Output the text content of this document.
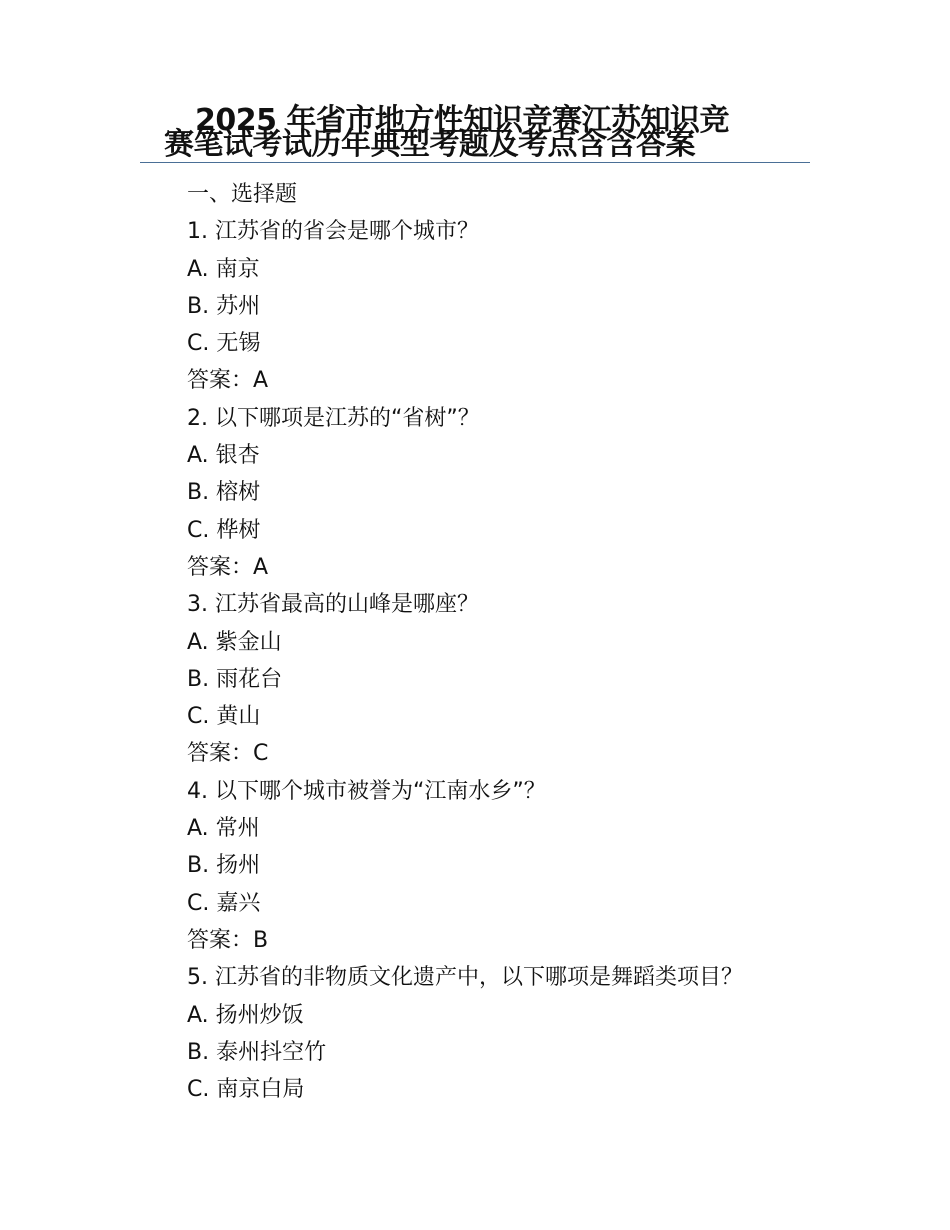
2025 年省市地方性知识竞赛江苏知识竞
赛笔试考试历年典型考题及考点含含答案
一、选择题
1. 江苏省的省会是哪个城市？
A. 南京
B. 苏州
C. 无锡
答案：A
2. 以下哪项是江苏的“省树”？
A. 银杏
B. 榕树
C. 桦树
答案：A
3. 江苏省最高的山峰是哪座？
A. 紫金山
B. 雨花台
C. 黄山
答案：C
4. 以下哪个城市被誉为“江南水乡”？
A. 常州
B. 扬州
C. 嘉兴
答案：B
5. 江苏省的非物质文化遗产中，以下哪项是舞蹈类项目？
A. 扬州炒饭
B. 泰州抖空竹
C. 南京白局
